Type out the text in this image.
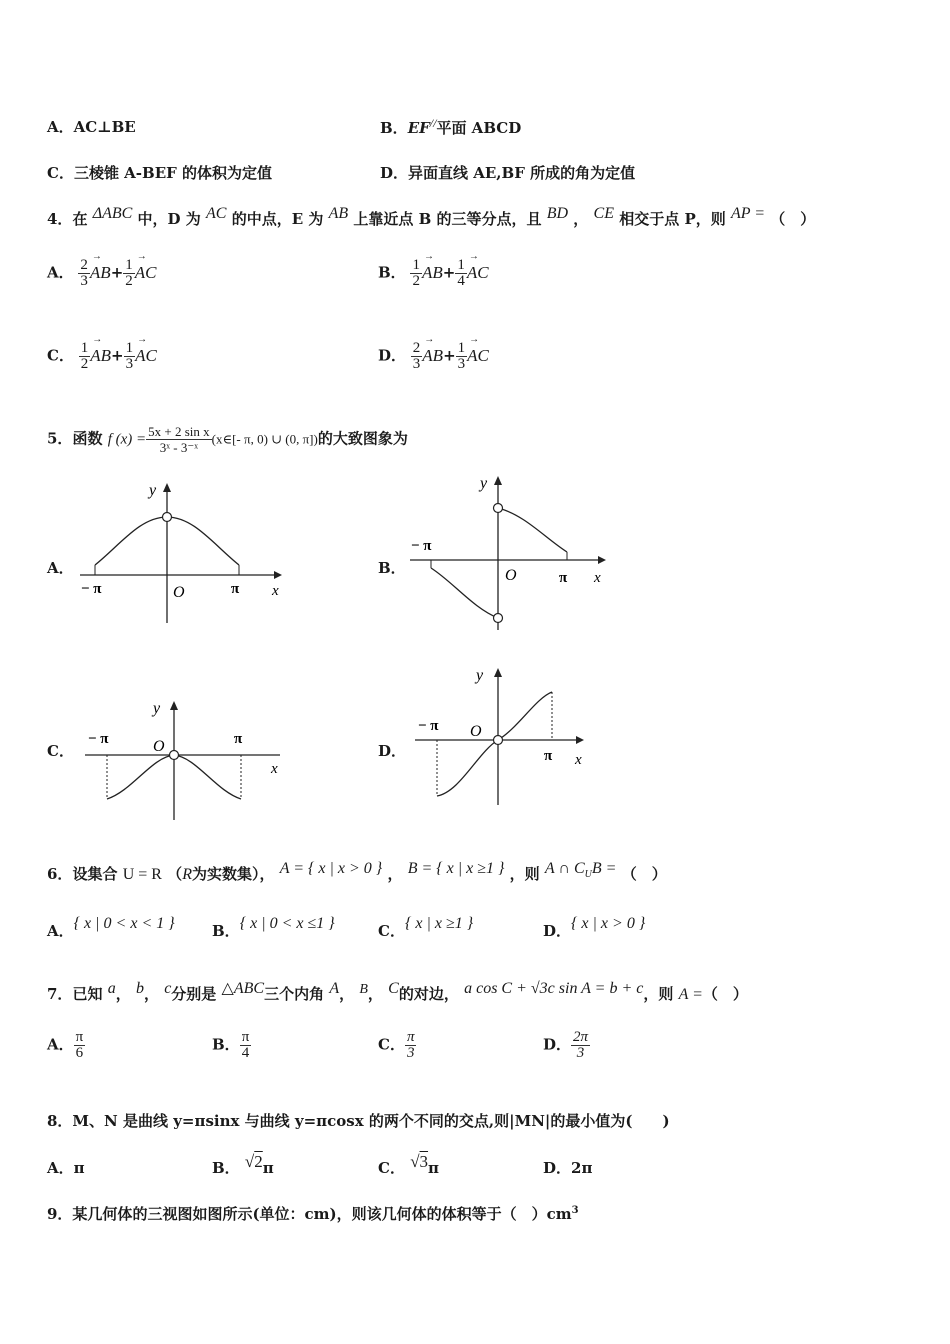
A．AC⊥BE	B．EF//平面 ABCD
C．三棱锥 A-BEF 的体积为定值	D．异面直线 AE,BF 所成的角为定值
4．在 $^{\Delta ABC}$ 中，D 为 $^{AC}$ 的中点，E 为 $^{AB}$ 上靠近点 B 的三等分点，且 $^{BD}$ ， $^{CE}$ 相交于点 P，则 $^{AP =}$ （　）
A． $\frac{2}{3} \to AB+ \frac{1}{2}$ → AC	B． $\frac{1}{2} \to AB+ \frac{1}{4}$ → AC
C． $\frac{1}{2} \to AB+ \frac{1}{3}$ → AC	D． $\frac{2}{3} \to AB+ \frac{1}{3}$ → AC
5．函数 f $(x) = \frac{\text{5x + 2 sin x}}{\text{3ˣ - 3⁻ˣ}}$ (x∈[- π, 0) ∪ (0, π])的大致图象为
A．
y
x
O
− π	π
B．
y
x
O
− π
π
C．
y
x
O
− π	π
D．
y
x
O
− π
π
6．设集合 U = R （R为实数集）， $^{A = \{ x | x > 0 \}}$ ， $^{B = \{ x | x \ge 1 \}}$ ，则 $^{A \cap C_UB =}$ （　）
A．{ x | 0 < x < 1 } B．{ x | 0 < x ≤1 }	C．{ x | x ≥1 }	D．{ x | x > 0 }
7．已知 $^a$， $^b$， $^c$分别是 $^{\triangle ABC}$三个内角 $^A$， $^B$， $^C$的对边， $^{a cos C + √3c sin A = b + c}$，则 A =（　）
A． $\frac{\pi}{6}$	B． $\frac{\pi}{4}$	C． $\frac{\pi}{3}$	D． $\frac{2\pi}{3}$
8．M、N 是曲线 y=πsinx 与曲线 y=πcosx 的两个不同的交点,则|MN|的最小值为(　　)
A．π	B． √2π	C． √3π	D．2π
9．某几何体的三视图如图所示(单位：cm)，则该几何体的体积等于（　）$cm^3$
